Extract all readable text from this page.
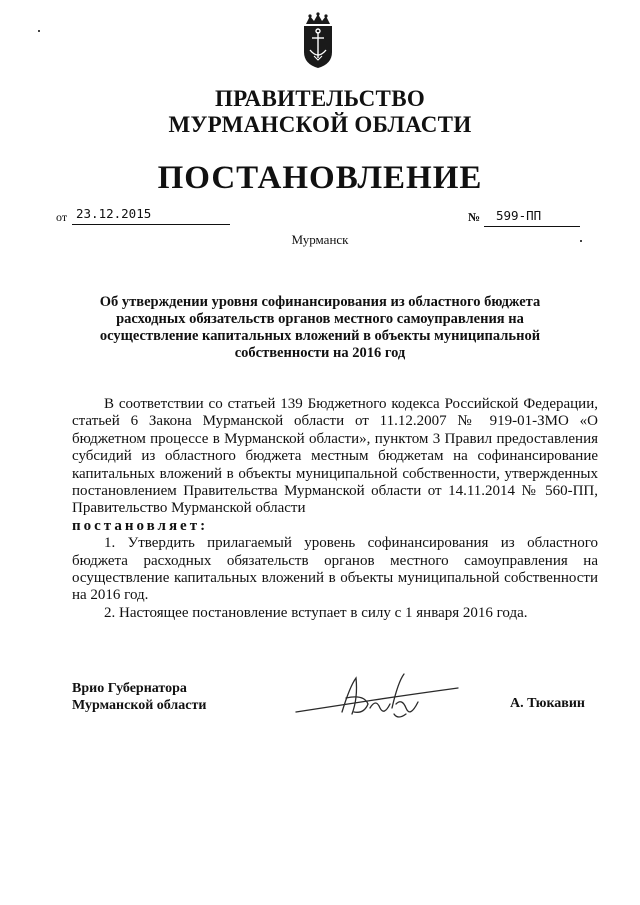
ПРАВИТЕЛЬСТВО
МУРМАНСКОЙ ОБЛАСТИ
ПОСТАНОВЛЕНИЕ
от 23.12.2015	№ 599-ПП
Мурманск
Об утверждении уровня софинансирования из областного бюджета
расходных обязательств органов местного самоуправления на
осуществление капитальных вложений в объекты муниципальной
собственности на 2016 год

В соответствии со статьей 139 Бюджетного кодекса Российской Федерации, статьей 6 Закона Мурманской области от 11.12.2007 № 919-01-ЗМО «О бюджетном процессе в Мурманской области», пунктом 3 Правил предоставления субсидий из областного бюджета местным бюджетам на софинансирование капитальных вложений в объекты муниципальной собственности, утвержденных постановлением Правительства Мурманской области от 14.11.2014 № 560-ПП, Правительство Мурманской области

постановляет:

1. Утвердить прилагаемый уровень софинансирования из областного бюджета расходных обязательств органов местного самоуправления на осуществление капитальных вложений в объекты муниципальной собственности на 2016 год.

2. Настоящее постановление вступает в силу с 1 января 2016 года.

Врио Губернатора
Мурманской области	А. Тюкавин
